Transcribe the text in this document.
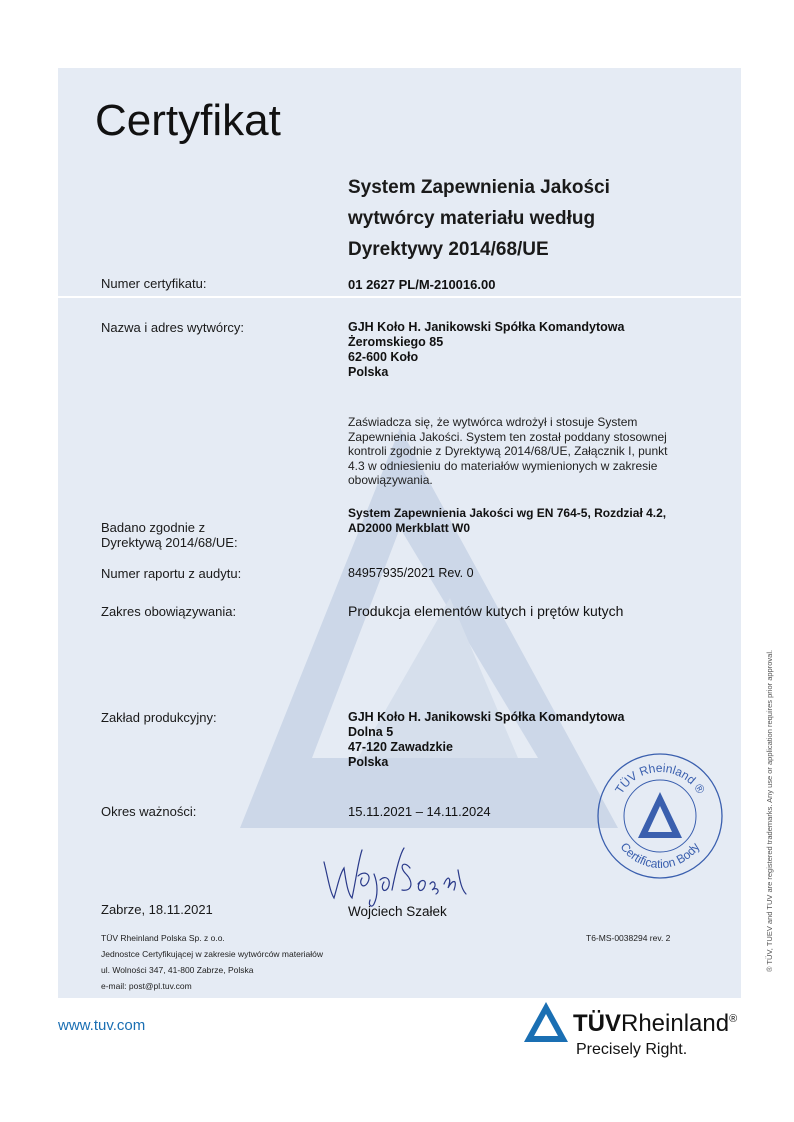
Certyfikat
System Zapewnienia Jakości
wytwórcy materiału według
Dyrektywy 2014/68/UE
Numer certyfikatu:	01 2627 PL/M-210016.00
Nazwa i adres wytwórcy:	GJH Koło H. Janikowski Spółka Komandytowa
Żeromskiego 85
62-600 Koło
Polska
Zaświadcza się, że wytwórca wdrożył i stosuje System Zapewnienia Jakości. System ten został poddany stosownej kontroli zgodnie z Dyrektywą 2014/68/UE, Załącznik I, punkt 4.3 w odniesieniu do materiałów wymienionych w zakresie obowiązywania.
Badano zgodnie z
Dyrektywą 2014/68/UE:
System Zapewnienia Jakości wg EN 764-5, Rozdział 4.2,
AD2000 Merkblatt W0
Numer raportu z audytu:	84957935/2021 Rev. 0
Zakres obowiązywania:	Produkcja elementów kutych i prętów kutych
Zakład produkcyjny:	GJH Koło H. Janikowski Spółka Komandytowa
Dolna 5
47-120 Zawadzkie
Polska
Okres ważności:	15.11.2021 – 14.11.2024
Zabrze, 18.11.2021	Wojciech Szałek
TÜV Rheinland ®
Certification Body
TÜV Rheinland Polska Sp. z o.o.
Jednostce Certyfikującej w zakresie wytwórców materiałów
ul. Wolności 347, 41-800 Zabrze, Polska
e-mail: post@pl.tuv.com
T6-MS-0038294 rev. 2	® TÜV, TUEV and TUV are registered trademarks. Any use or application requires prior approval.
www.tuv.com	TÜVRheinland®
Precisely Right.
